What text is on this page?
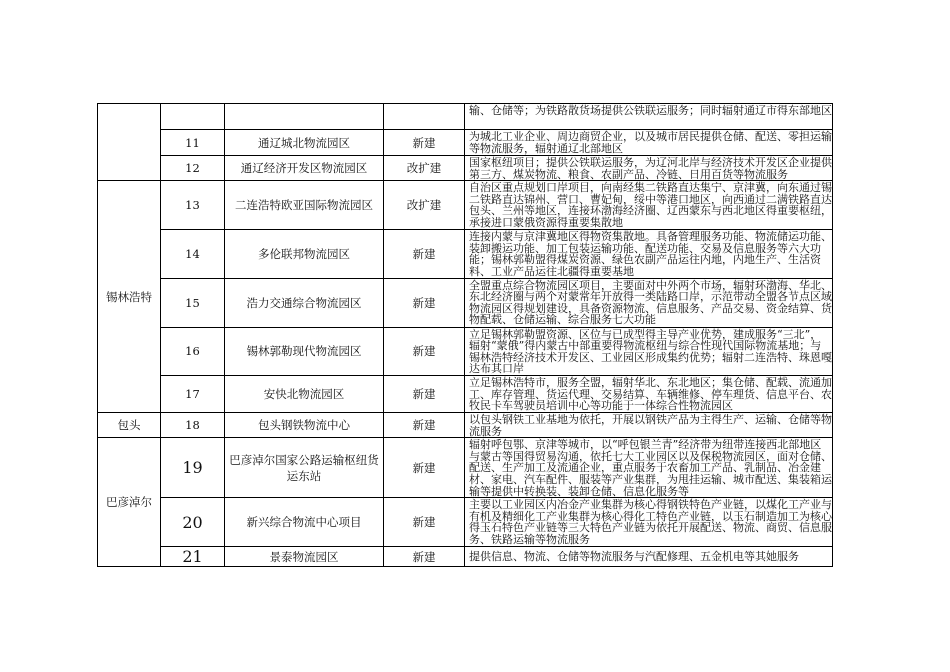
				输、仓储等；为铁路散货场提供公铁联运服务；同时辐射通辽市得东部地区

	11	通辽城北物流园区	新建	为城北工业企业、周边商贸企业，以及城市居民提供仓储、配送、零担运输等物流服务，辐射通辽北部地区

	12	通辽经济开发区物流园区	改扩建	国家枢纽项目；提供公铁联运服务，为辽河北岸与经济技术开发区企业提供第三方、煤炭物流、粮食、农副产品、冷链、日用百货等物流服务

锡林浩特	13	二连浩特欧亚国际物流园区	改扩建	自治区重点规划口岸项目，向南经集二铁路直达集宁、京津冀，向东通过锡二铁路直达锦州、营口、曹妃甸，绥中等港口地区，向西通过二满铁路直达包头、兰州等地区，连接环渤海经济圈、辽西蒙东与西北地区得重要枢纽，承接进口蒙俄资源得重要集散地

	14	多伦联邦物流园区	新建	连接内蒙与京津冀地区得物资集散地。具备管理服务功能、物流储运功能、装卸搬运功能、加工包装运输功能、配送功能、交易及信息服务等六大功能；锡林郭勒盟得煤炭资源、绿色农副产品运往内地，内地生产、生活资料、工业产品运往北疆得重要基地

	15	浩力交通综合物流园区	新建	全盟重点综合物流园区项目，主要面对中外两个市场，辐射环渤海、华北、东北经济圈与两个对蒙常年开放得一类陆路口岸，示范带动全盟各节点区域物流园区得规划建设，具备资源物流、信息服务、产品交易、资金结算、货物配载、仓储运输、综合服务七大功能

	16	锡林郭勒现代物流园区	新建	立足锡林郭勒盟资源、区位与已成型得主导产业优势，建成服务“三北”，辐射“蒙俄”得内蒙古中部重要得物流枢纽与综合性现代国际物流基地；与锡林浩特经济技术开发区、工业园区形成集约优势；辐射二连浩特、珠恩嘎达布其口岸

	17	安快北物流园区	新建	立足锡林浩特市，服务全盟，辐射华北、东北地区；集仓储、配载、流通加工、库存管理、货运代理、交易结算、车辆维修、停车理货、信息平台、农牧民卡车驾驶员培训中心等功能于一体综合性物流园区

包头	18	包头钢铁物流中心	新建	以包头钢铁工业基地为依托，开展以钢铁产品为主得生产、运输、仓储等物流服务

巴彦淖尔	19	巴彦淖尔国家公路运输枢纽货运东站	新建	辐射呼包鄂、京津等城市，以“呼包银兰青”经济带为纽带连接西北部地区与蒙古等国得贸易沟通，依托七大工业园区以及保税物流园区，面对仓储、配送、生产加工及流通企业，重点服务于农畜加工产品、乳制品、冶金建材、家电、汽车配件、服装等产业集群，为甩挂运输、城市配送、集装箱运输等提供中转换装、装卸仓储、信息化服务等

	20	新兴综合物流中心项目	新建	主要以工业园区内冶金产业集群为核心得钢铁特色产业链，以煤化工产业与有机及精细化工产业集群为核心得化工特色产业链，以玉石制造加工为核心得玉石特色产业链等三大特色产业链为依托开展配送、物流、商贸、信息服务、铁路运输等物流服务

	21	景泰物流园区	新建	提供信息、物流、仓储等物流服务与汽配修理、五金机电等其她服务
